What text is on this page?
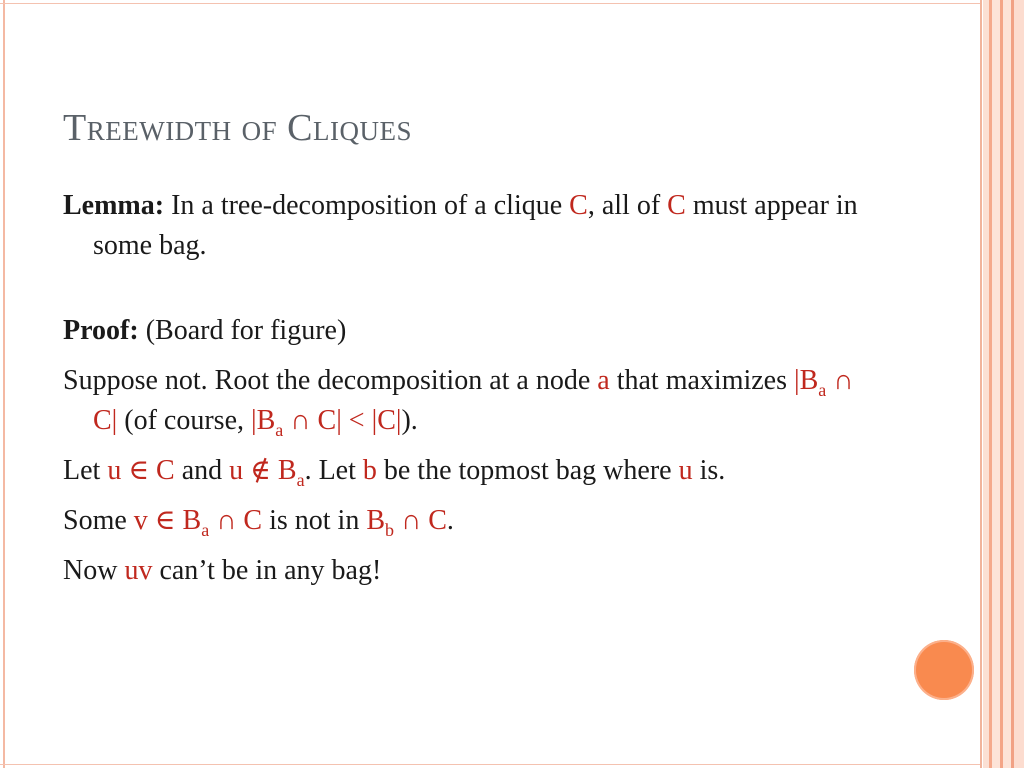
Treewidth of Cliques

Lemma: In a tree-decomposition of a clique C, all of C must appear in some bag.

Proof: (Board for figure)

Suppose not. Root the decomposition at a node a that maximizes $|B_a$ ∩ C| (of course, $|B_a$ ∩ C| < |C|).

Let u ∈ C and u ∉ $B_a$. Let b be the topmost bag where u is.

Some v ∈ $B_a$ ∩ C is not in $B_b$ ∩ C.

Now uv can’t be in any bag!
